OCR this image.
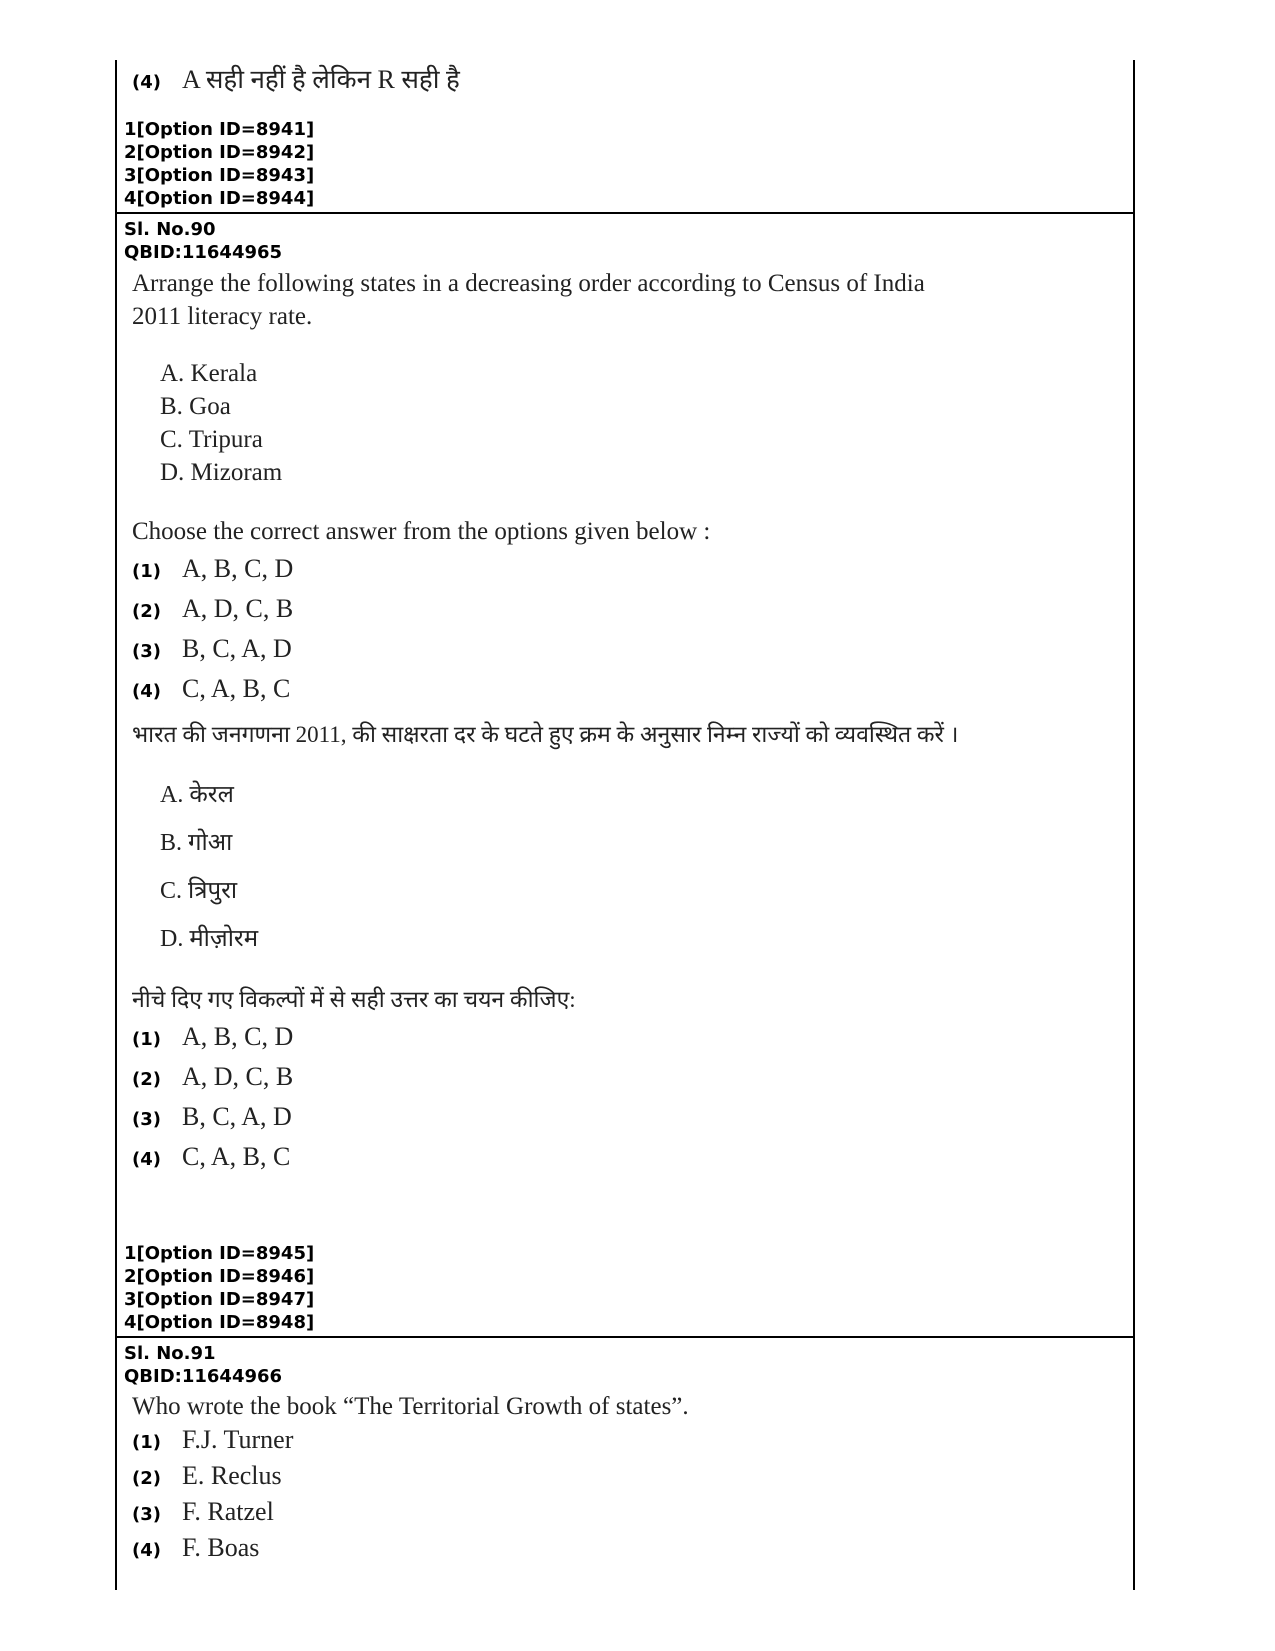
(4) A सही नहीं है लेकिन R सही है
1[Option ID=8941]
2[Option ID=8942]
3[Option ID=8943]
4[Option ID=8944]
Sl. No.90
QBID:11644965
Arrange the following states in a decreasing order according to Census of India
2011 literacy rate.
A. Kerala
B. Goa
C. Tripura
D. Mizoram
Choose the correct answer from the options given below :
(1) A, B, C, D
(2) A, D, C, B
(3) B, C, A, D
(4) C, A, B, C
भारत की जनगणना 2011, की साक्षरता दर के घटते हुए क्रम के अनुसार निम्न राज्यों को व्यवस्थित करें ।
A. केरल
B. गोआ
C. त्रिपुरा
D. मीज़ोरम
नीचे दिए गए विकल्पों में से सही उत्तर का चयन कीजिए:
(1) A, B, C, D
(2) A, D, C, B
(3) B, C, A, D
(4) C, A, B, C
1[Option ID=8945]
2[Option ID=8946]
3[Option ID=8947]
4[Option ID=8948]
Sl. No.91
QBID:11644966
Who wrote the book “The Territorial Growth of states”.
(1) F.J. Turner
(2) E. Reclus
(3) F. Ratzel
(4) F. Boas
